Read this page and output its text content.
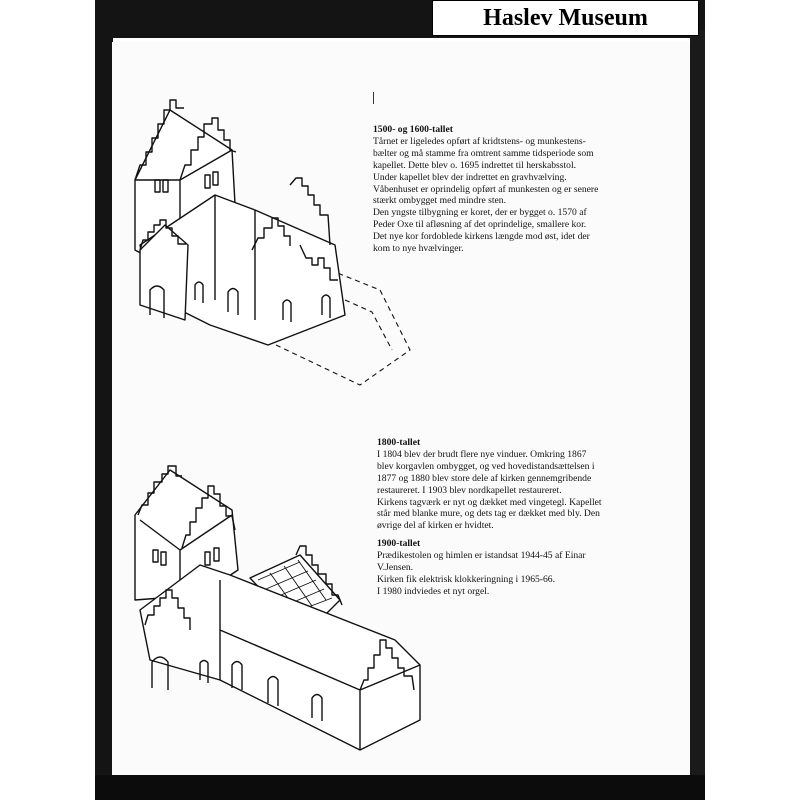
Haslev Museum
1500- og 1600-tallet

Tårnet er ligeledes opført af kridtstens- og munkestens-

bælter og må stamme fra omtrent samme tidsperiode som

kapellet. Dette blev o. 1695 indrettet til herskabsstol.

Under kapellet blev der indrettet en gravhvælving.

Våbenhuset er oprindelig opført af munkesten og er senere

stærkt ombygget med mindre sten.

Den yngste tilbygning er koret, der er bygget o. 1570 af

Peder Oxe til afløsning af det oprindelige, smallere kor.

Det nye kor fordoblede kirkens længde mod øst, idet der

kom to nye hvælvinger.

1800-tallet

I 1804 blev der brudt flere nye vinduer. Omkring 1867

blev korgavlen ombygget, og ved hovedistandsættelsen i

1877 og 1880 blev store dele af kirken gennemgribende

restaureret. I 1903 blev nordkapellet restaureret.

Kirkens tagværk er nyt og dækket med vingetegl. Kapellet

står med blanke mure, og dets tag er dækket med bly. Den

øvrige del af kirken er hvidtet.

1900-tallet

Prædikestolen og himlen er istandsat 1944-45 af Einar

V.Jensen.

Kirken fik elektrisk klokkeringning i 1965-66.

I 1980 indviedes et nyt orgel.
